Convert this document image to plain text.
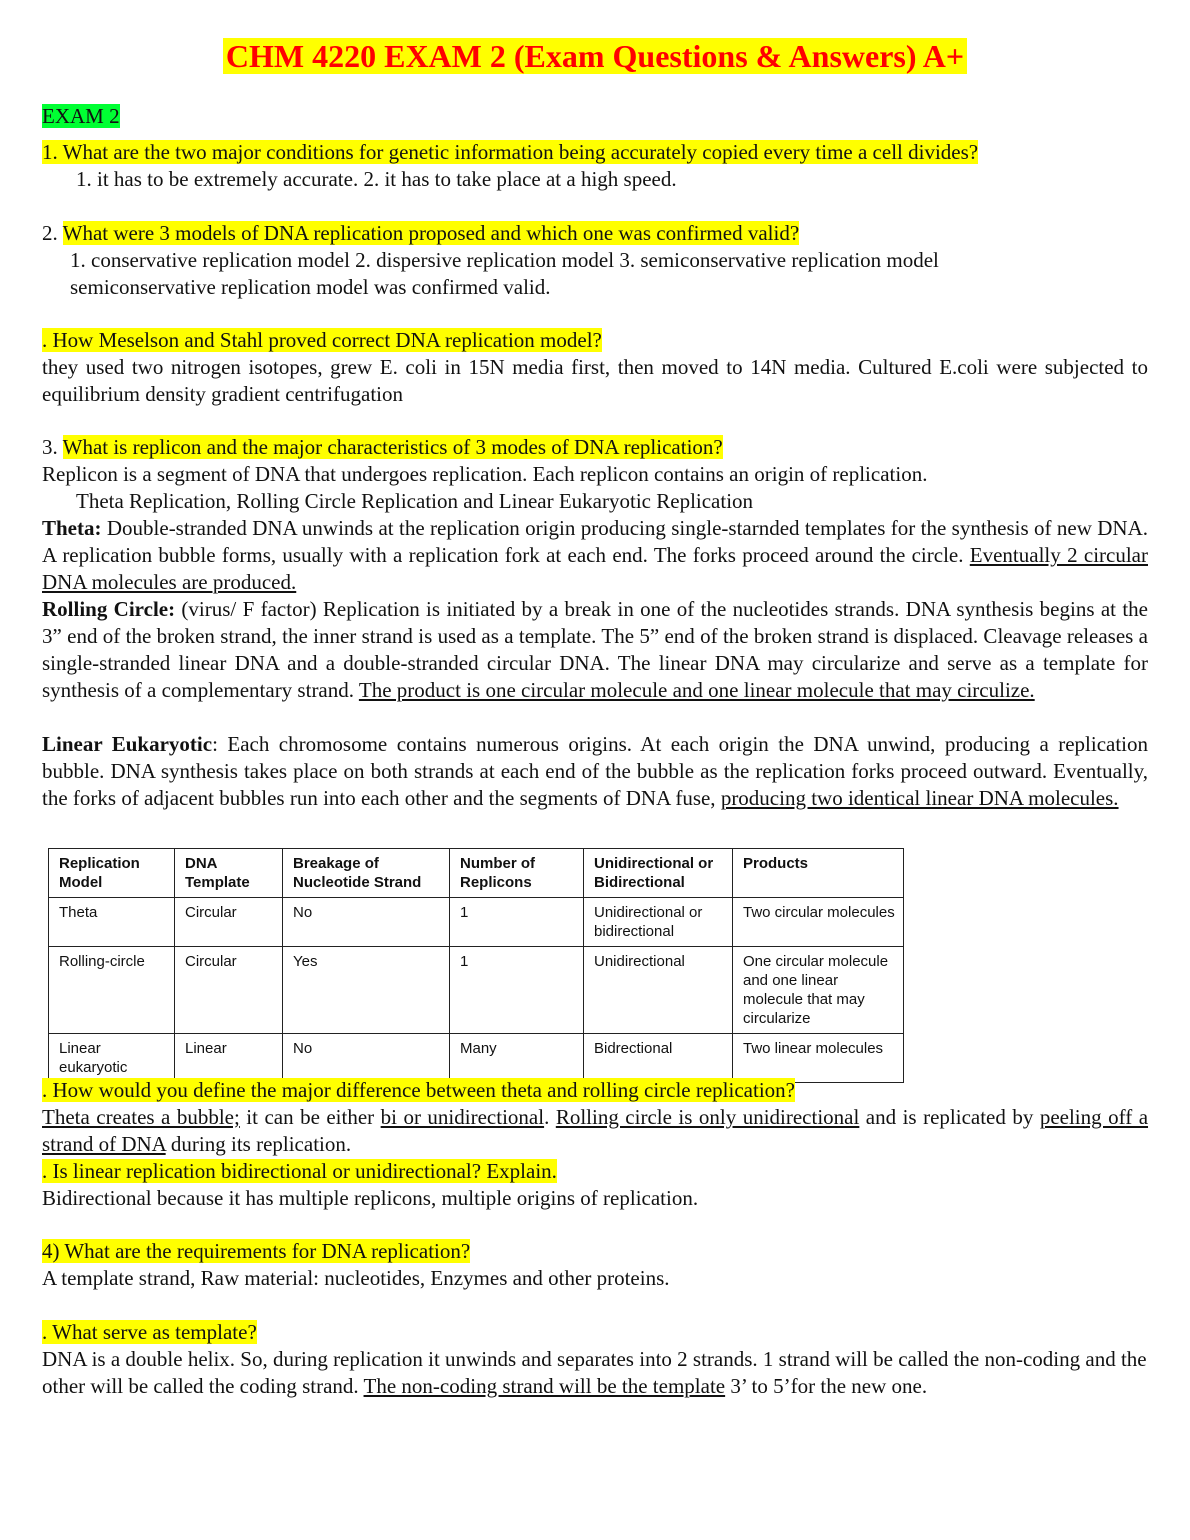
CHM 4220 EXAM 2 (Exam Questions & Answers) A+
EXAM 2
1. What are the two major conditions for genetic information being accurately copied every time a cell divides?
1. it has to be extremely accurate. 2. it has to take place at a high speed.
2. What were 3 models of DNA replication proposed and which one was confirmed valid?
1. conservative replication model 2. dispersive replication model 3. semiconservative replication model
semiconservative replication model was confirmed valid.
. How Meselson and Stahl proved correct DNA replication model?
they used two nitrogen isotopes, grew E. coli in 15N media first, then moved to 14N media. Cultured E.coli were subjected to equilibrium density gradient centrifugation
3. What is replicon and the major characteristics of 3 modes of DNA replication?
Replicon is a segment of DNA that undergoes replication. Each replicon contains an origin of replication.
Theta Replication, Rolling Circle Replication and Linear Eukaryotic Replication
Theta: Double-stranded DNA unwinds at the replication origin producing single-starnded templates for the synthesis of new DNA. A replication bubble forms, usually with a replication fork at each end. The forks proceed around the circle. Eventually 2 circular DNA molecules are produced.
Rolling Circle: (virus/ F factor) Replication is initiated by a break in one of the nucleotides strands. DNA synthesis begins at the 3” end of the broken strand, the inner strand is used as a template. The 5” end of the broken strand is displaced. Cleavage releases a single-stranded linear DNA and a double-stranded circular DNA. The linear DNA may circularize and serve as a template for synthesis of a complementary strand. The product is one circular molecule and one linear molecule that may circulize.
Linear Eukaryotic: Each chromosome contains numerous origins. At each origin the DNA unwind, producing a replication bubble. DNA synthesis takes place on both strands at each end of the bubble as the replication forks proceed outward. Eventually, the forks of adjacent bubbles run into each other and the segments of DNA fuse, producing two identical linear DNA molecules.
Replication Model	DNA Template	Breakage of Nucleotide Strand	Number of Replicons	Unidirectional or Bidirectional	Products
Theta	Circular	No	1	Unidirectional or bidirectional	Two circular molecules
Rolling-circle	Circular	Yes	1	Unidirectional	One circular molecule and one linear molecule that may circularize
Linear eukaryotic	Linear	No	Many	Bidrectional	Two linear molecules
. How would you define the major difference between theta and rolling circle replication?
Theta creates a bubble; it can be either bi or unidirectional. Rolling circle is only unidirectional and is replicated by peeling off a strand of DNA during its replication.
. Is linear replication bidirectional or unidirectional? Explain.
Bidirectional because it has multiple replicons, multiple origins of replication.
4) What are the requirements for DNA replication?
A template strand, Raw material: nucleotides, Enzymes and other proteins.
. What serve as template?
DNA is a double helix. So, during replication it unwinds and separates into 2 strands. 1 strand will be called the non-coding and the other will be called the coding strand. The non-coding strand will be the template 3’ to 5’for the new one.
